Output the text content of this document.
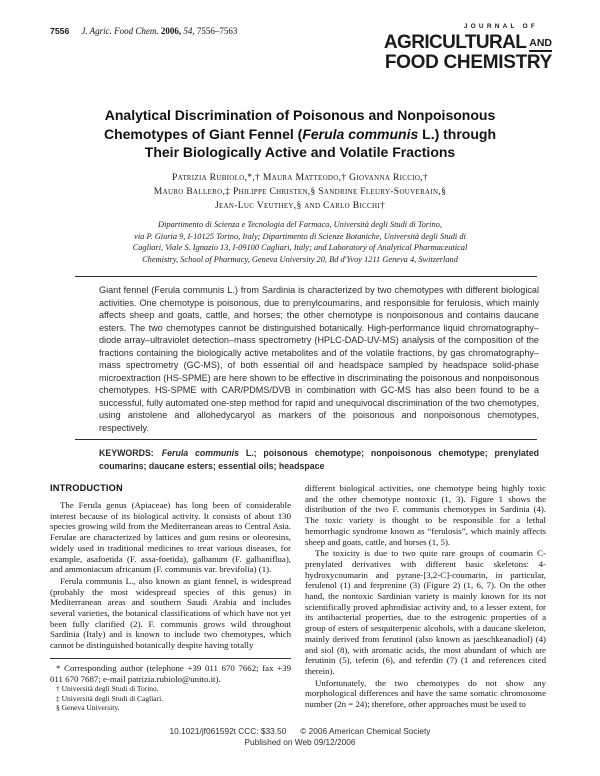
7556 J. Agric. Food Chem. 2006, 54, 7556–7563	JOURNAL OF
AGRICULTURAL AND
FOOD CHEMISTRY
Analytical Discrimination of Poisonous and Nonpoisonous
Chemotypes of Giant Fennel (Ferula communis L.) through
Their Biologically Active and Volatile Fractions
Patrizia Rubiolo,*,† Maura Matteodo,† Giovanna Riccio,†
Mauro Ballero,‡ Philippe Christen,§ Sandrine Fleury-Souverain,§
Jean-Luc Veuthey,§ and Carlo Bicchi†
Dipartimento di Scienza e Tecnologia del Farmaco, Università degli Studi di Torino,
via P. Giuria 9, I-10125 Torino, Italy; Dipartimento di Scienze Botaniche, Università degli Studi di
Cagliari, Viale S. Ignazio 13, I-09100 Cagliari, Italy; and Laboratory of Analytical Pharmaceutical
Chemistry, School of Pharmacy, Geneva University 20, Bd d'Yvoy 1211 Geneva 4, Switzerland
Giant fennel (Ferula communis L.) from Sardinia is characterized by two chemotypes with different biological activities. One chemotype is poisonous, due to prenylcoumarins, and responsible for ferulosis, which mainly affects sheep and goats, cattle, and horses; the other chemotype is nonpoisonous and contains daucane esters. The two chemotypes cannot be distinguished botanically. High-performance liquid chromatography–diode array–ultraviolet detection–mass spectrometry (HPLC-DAD-UV-MS) analysis of the composition of the fractions containing the biologically active metabolites and of the volatile fractions, by gas chromatography–mass spectrometry (GC-MS), of both essential oil and headspace sampled by headspace solid-phase microextraction (HS-SPME) are here shown to be effective in discriminating the poisonous and nonpoisonous chemotypes. HS-SPME with CAR/PDMS/DVB in combination with GC-MS has also been found to be a successful, fully automated one-step method for rapid and unequivocal discrimination of the two chemotypes, using aristolene and allohedycaryol as markers of the poisonous and nonpoisonous chemotypes, respectively.
KEYWORDS: Ferula communis L.; poisonous chemotype; nonpoisonous chemotype; prenylated coumarins; daucane esters; essential oils; headspace
INTRODUCTION

The Ferula genus (Apiaceae) has long been of considerable interest because of its biological activity. It consists of about 130 species growing wild from the Mediterranean areas to Central Asia. Ferulae are characterized by lattices and gum resins or oleoresins, widely used in traditional medicines to treat various diseases, for example, asafoetida (F. assa-foetida), galbanum (F. galbaniflua), and ammoniacum africanum (F. communis var. brevifolia) (1).

Ferula communis L., also known as giant fennel, is widespread (probably the most widespread species of this genus) in Mediterranean areas and southern Saudi Arabia and includes several varieties, the botanical classifications of which have not yet been fully clarified (2). F. communis grows wild throughout Sardinia (Italy) and is known to include two chemotypes, which cannot be distinguished botanically despite having totally

* Corresponding author (telephone +39 011 670 7662; fax +39 011 670 7687; e-mail patrizia.rubiolo@unito.it).

† Università degli Studi di Torino.
‡ Università degli Studi di Cagliari.
§ Geneva University.

different biological activities, one chemotype being highly toxic and the other chemotype nontoxic (1, 3). Figure 1 shows the distribution of the two F. communis chemotypes in Sardinia (4). The toxic variety is thought to be responsible for a lethal hemorrhagic syndrome known as “ferulosis”, which mainly affects sheep and goats, cattle, and horses (1, 5).

The toxicity is due to two quite rare groups of coumarin C-prenylated derivatives with different basic skeletons: 4-hydroxycoumarin and pyrane-[3,2-C]-coumarin, in particular, ferulenol (1) and ferprenine (3) (Figure 2) (1, 6, 7). On the other hand, the nontoxic Sardinian variety is mainly known for its not scientifically proved aphrodisiac activity and, to a lesser extent, for its antibacterial properties, due to the estrogenic properties of a group of esters of sesquiterpenic alcohols, with a daucane skeleton, mainly derived from ferutinol (also known as jaeschkeanadiol) (4) and siol (8), with aromatic acids, the most abundant of which are ferutinin (5), teferin (6), and teferdin (7) (1 and references cited therein).

Unfortunately, the two chemotypes do not show any morphological differences and have the same somatic chromosome number (2n = 24); therefore, other approaches must be used to

10.1021/jf061592t CCC: $33.50 © 2006 American Chemical Society
Published on Web 09/12/2006
